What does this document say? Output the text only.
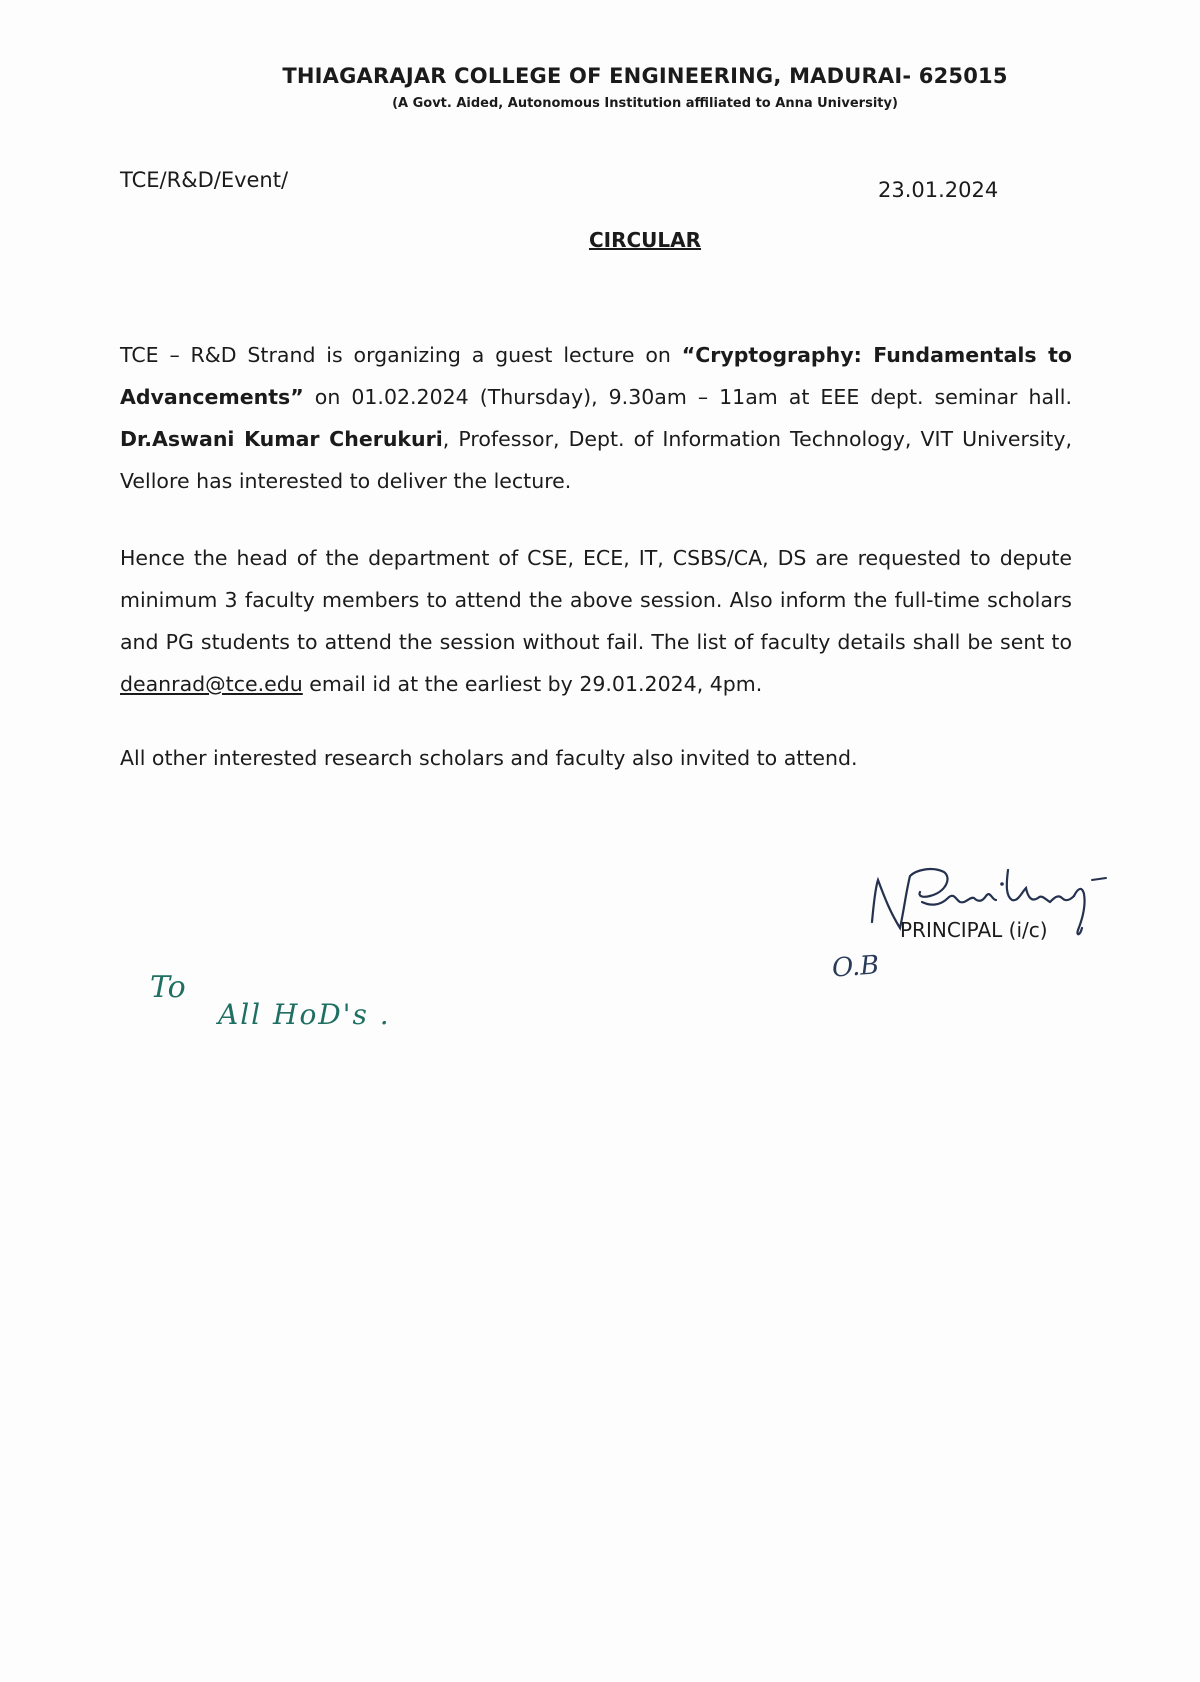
THIAGARAJAR COLLEGE OF ENGINEERING, MADURAI- 625015
(A Govt. Aided, Autonomous Institution affiliated to Anna University)
TCE/R&D/Event/	23.01.2024
CIRCULAR
TCE – R&D Strand is organizing a guest lecture on “Cryptography: Fundamentals to Advancements” on 01.02.2024 (Thursday), 9.30am – 11am at EEE dept. seminar hall. Dr.Aswani Kumar Cherukuri, Professor, Dept. of Information Technology, VIT University, Vellore has interested to deliver the lecture.
Hence the head of the department of CSE, ECE, IT, CSBS/CA, DS are requested to depute minimum 3 faculty members to attend the above session. Also inform the full-time scholars and PG students to attend the session without fail. The list of faculty details shall be sent to deanrad@tce.edu email id at the earliest by 29.01.2024, 4pm.
All other interested research scholars and faculty also invited to attend.
PRINCIPAL (i/c)
O.B
To
All HoD's .
